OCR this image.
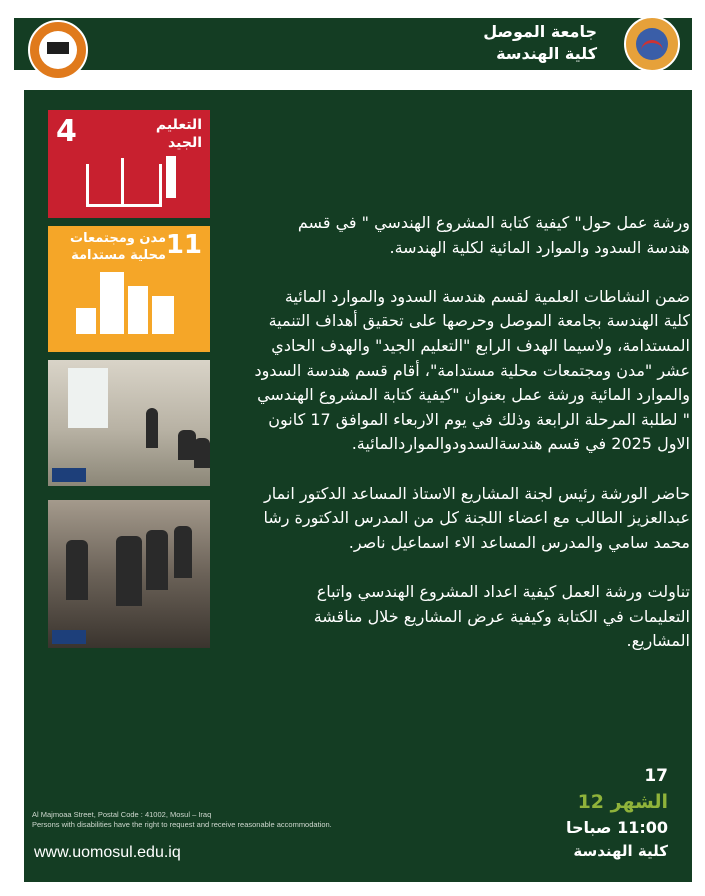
جامعة الموصل
كلية الهندسة
4	التعليم الجيد
11
مدن ومجتمعات محلية مستدامة

ورشة عمل حول" كيفية كتابة المشروع الهندسي " في قسم هندسة السدود والموارد المائية لكلية الهندسة.

ضمن النشاطات العلمية لقسم هندسة السدود والموارد المائية كلية الهندسة بجامعة الموصل وحرصها على تحقيق أهداف التنمية المستدامة، ولاسيما الهدف الرابع "التعليم الجيد" والهدف الحادي عشر "مدن ومجتمعات محلية مستدامة"، أقام قسم هندسة السدود والموارد المائية ورشة عمل بعنوان "كيفية كتابة المشروع الهندسي " لطلبة المرحلة الرابعة وذلك في يوم الاربعاء الموافق 17 كانون الاول 2025 في قسم هندسةالسدودوالمواردالمائية.

حاضر الورشة رئيس لجنة المشاريع الاستاذ المساعد الدكتور انمار عبدالعزيز الطالب مع اعضاء اللجنة كل من المدرس الدكتورة رشا محمد سامي والمدرس المساعد الاء اسماعيل ناصر.

تناولت ورشة العمل كيفية اعداد المشروع الهندسي واتباع التعليمات في الكتابة وكيفية عرض المشاريع خلال مناقشة المشاريع.

17
الشهر 12
11:00 صباحا
كلية الهندسة
Al Majmoaa Street, Postal Code : 41002, Mosul – Iraq
Persons with disabilities have the right to request and receive reasonable accommodation.
www.uomosul.edu.iq
